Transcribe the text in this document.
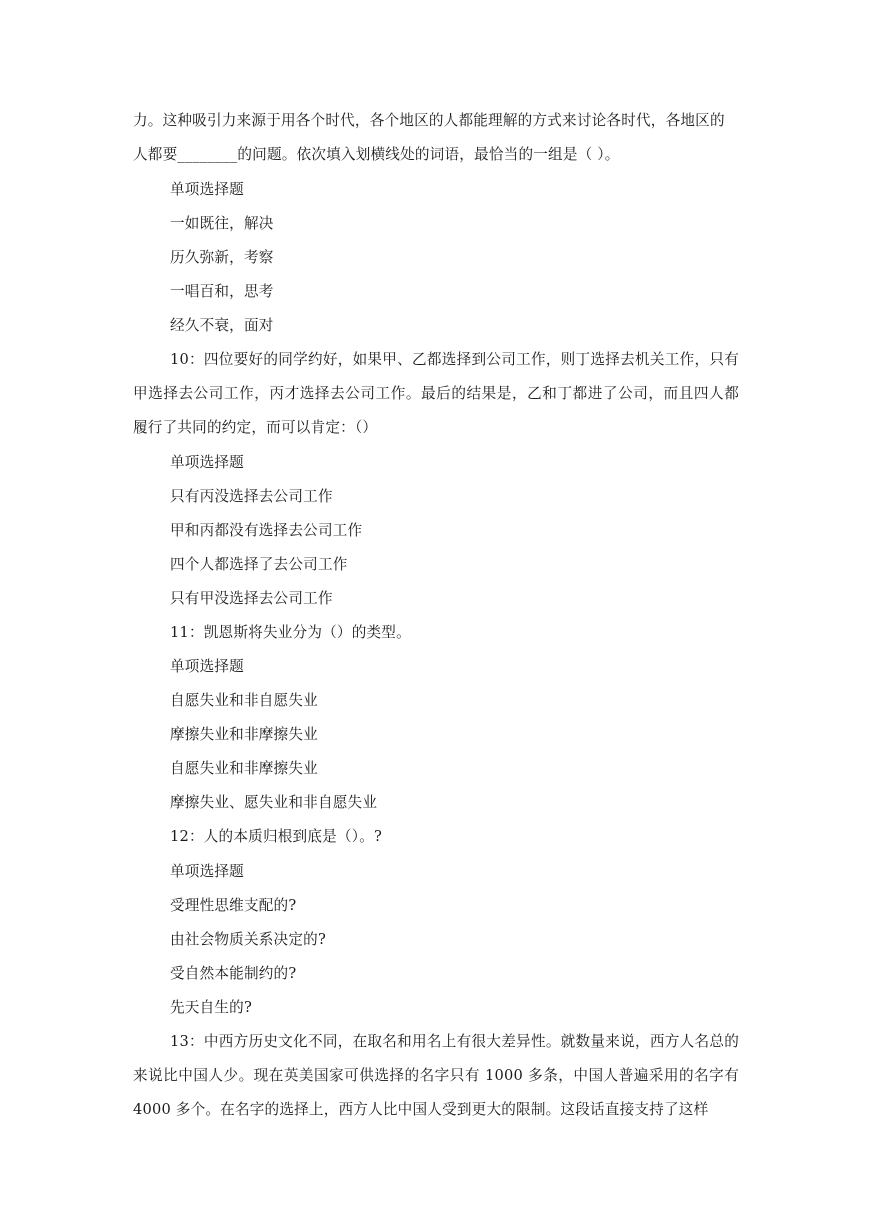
力。这种吸引力来源于用各个时代，各个地区的人都能理解的方式来讨论各时代，各地区的

人都要________的问题。依次填入划横线处的词语，最恰当的一组是（ ）。

单项选择题

一如既往，解决

历久弥新，考察

一唱百和，思考

经久不衰，面对

10：四位要好的同学约好，如果甲、乙都选择到公司工作，则丁选择去机关工作，只有甲选择去公司工作，丙才选择去公司工作。最后的结果是，乙和丁都进了公司，而且四人都履行了共同的约定，而可以肯定：（）

单项选择题

只有丙没选择去公司工作

甲和丙都没有选择去公司工作

四个人都选择了去公司工作

只有甲没选择去公司工作

11：凯恩斯将失业分为（）的类型。

单项选择题

自愿失业和非自愿失业

摩擦失业和非摩擦失业

自愿失业和非摩擦失业

摩擦失业、愿失业和非自愿失业

12：人的本质归根到底是（）。?

单项选择题

受理性思维支配的?

由社会物质关系决定的?

受自然本能制约的?

先天自生的?

13：中西方历史文化不同，在取名和用名上有很大差异性。就数量来说，西方人名总的来说比中国人少。现在英美国家可供选择的名字只有 1000 多条，中国人普遍采用的名字有 4000 多个。在名字的选择上，西方人比中国人受到更大的限制。这段话直接支持了这样
